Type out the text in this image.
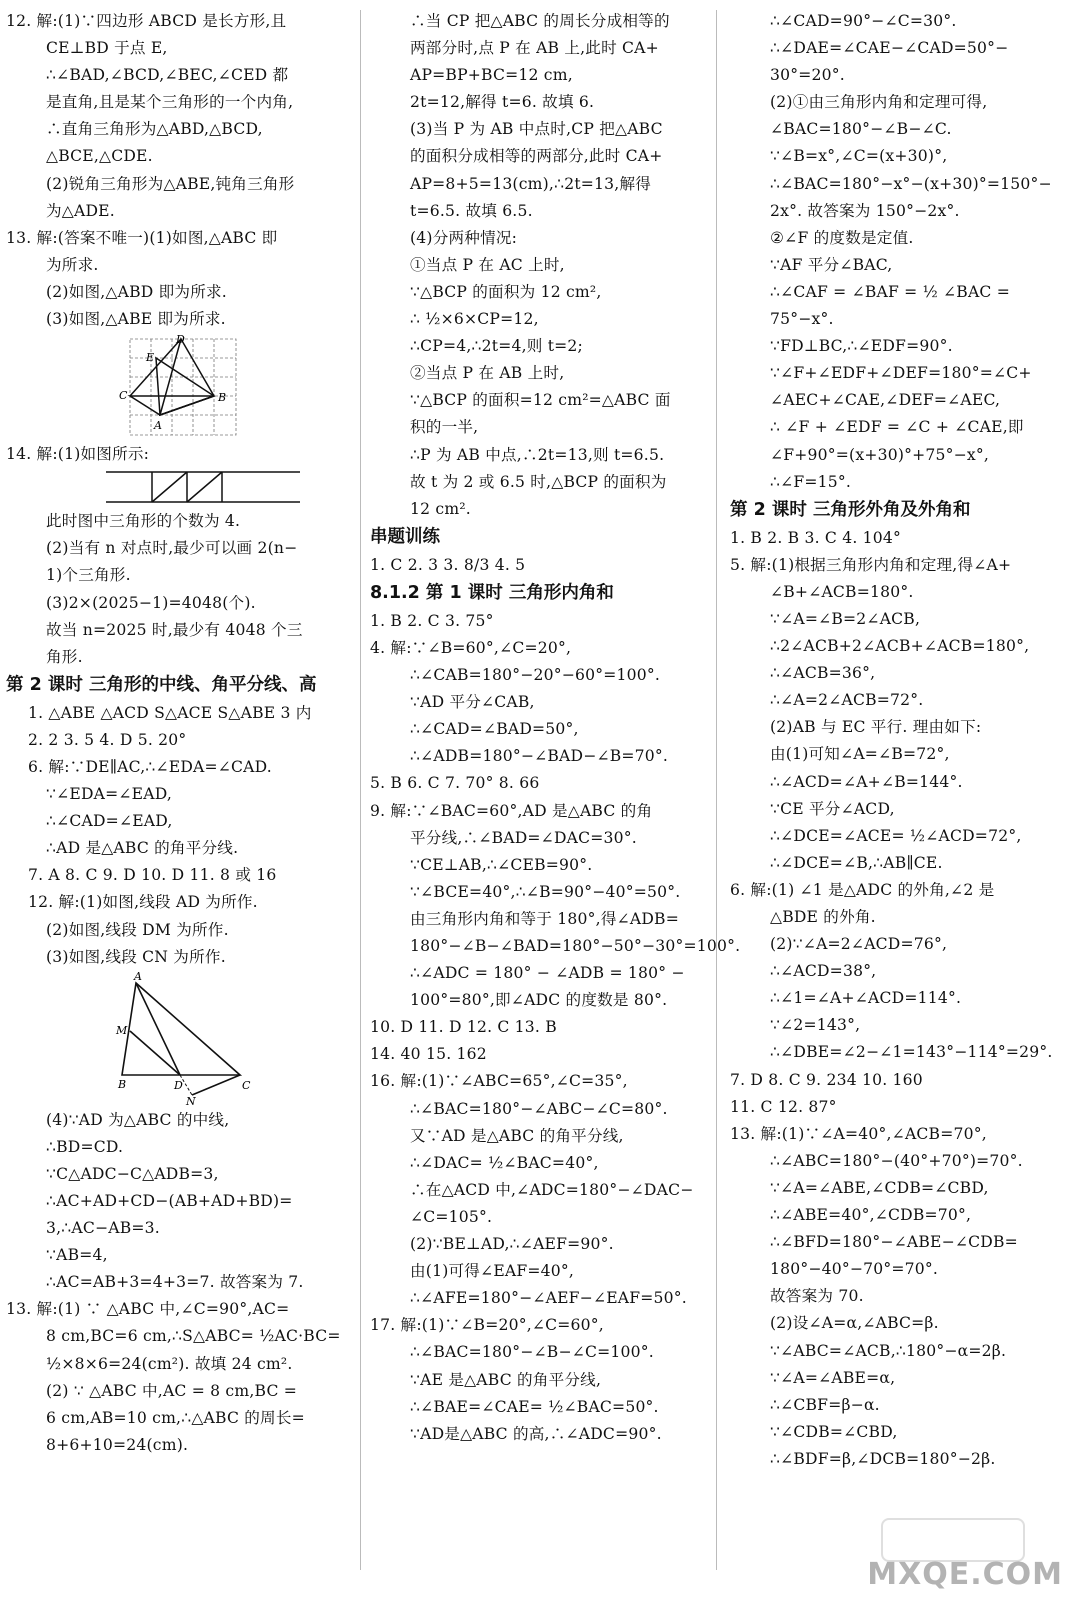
12. 解:(1)∵四边形 ABCD 是长方形,且
CE⊥BD 于点 E,
∴∠BAD,∠BCD,∠BEC,∠CED 都
是直角,且是某个三角形的一个内角,
∴直角三角形为△ABD,△BCD,
△BCE,△CDE.
(2)锐角三角形为△ABE,钝角三角形
为△ADE.
13. 解:(答案不唯一)(1)如图,△ABC 即
为所求.
(2)如图,△ABD 即为所求.
(3)如图,△ABE 即为所求.
D
E
C	B
A
14. 解:(1)如图所示:
此时图中三角形的个数为 4.
(2)当有 n 对点时,最少可以画 2(n−
1)个三角形.
(3)2×(2025−1)=4048(个).
故当 n=2025 时,最少有 4048 个三
角形.
第 2 课时 三角形的中线、角平分线、高
1. △ABE △ACD S△ACE S△ABE 3 内
2. 2 3. 5 4. D 5. 20°
6. 解:∵DE∥AC,∴∠EDA=∠CAD.
∵∠EDA=∠EAD,
∴∠CAD=∠EAD,
∴AD 是△ABC 的角平分线.
7. A 8. C 9. D 10. D 11. 8 或 16
12. 解:(1)如图,线段 AD 为所作.
(2)如图,线段 DM 为所作.
(3)如图,线段 CN 为所作.
A
M
B	D	C
N
(4)∵AD 为△ABC 的中线,
∴BD=CD.
∵C△ADC−C△ADB=3,
∴AC+AD+CD−(AB+AD+BD)=
3,∴AC−AB=3.
∵AB=4,
∴AC=AB+3=4+3=7. 故答案为 7.
13. 解:(1) ∵ △ABC 中,∠C=90°,AC=
8 cm,BC=6 cm,∴S△ABC= ½AC·BC=
½×8×6=24(cm²). 故填 24 cm².
(2) ∵ △ABC 中,AC = 8 cm,BC =
6 cm,AB=10 cm,∴△ABC 的周长=
8+6+10=24(cm).
∴当 CP 把△ABC 的周长分成相等的
两部分时,点 P 在 AB 上,此时 CA+
AP=BP+BC=12 cm,
2t=12,解得 t=6. 故填 6.
(3)当 P 为 AB 中点时,CP 把△ABC
的面积分成相等的两部分,此时 CA+
AP=8+5=13(cm),∴2t=13,解得
t=6.5. 故填 6.5.
(4)分两种情况:
①当点 P 在 AC 上时,
∵△BCP 的面积为 12 cm²,
∴ ½×6×CP=12,
∴CP=4,∴2t=4,则 t=2;
②当点 P 在 AB 上时,
∵△BCP 的面积=12 cm²=△ABC 面
积的一半,
∴P 为 AB 中点,∴2t=13,则 t=6.5.
故 t 为 2 或 6.5 时,△BCP 的面积为
12 cm².
串题训练
1. C 2. 3 3. 8/3 4. 5
8.1.2 第 1 课时 三角形内角和
1. B 2. C 3. 75°
4. 解:∵∠B=60°,∠C=20°,
∴∠CAB=180°−20°−60°=100°.
∵AD 平分∠CAB,
∴∠CAD=∠BAD=50°,
∴∠ADB=180°−∠BAD−∠B=70°.
5. B 6. C 7. 70° 8. 66
9. 解:∵∠BAC=60°,AD 是△ABC 的角
平分线,∴∠BAD=∠DAC=30°.
∵CE⊥AB,∴∠CEB=90°.
∵∠BCE=40°,∴∠B=90°−40°=50°.
由三角形内角和等于 180°,得∠ADB=
180°−∠B−∠BAD=180°−50°−30°=100°.
∴∠ADC = 180° − ∠ADB = 180° −
100°=80°,即∠ADC 的度数是 80°.
10. D 11. D 12. C 13. B
14. 40 15. 162
16. 解:(1)∵∠ABC=65°,∠C=35°,
∴∠BAC=180°−∠ABC−∠C=80°.
又∵AD 是△ABC 的角平分线,
∴∠DAC= ½∠BAC=40°,
∴在△ACD 中,∠ADC=180°−∠DAC−
∠C=105°.
(2)∵BE⊥AD,∴∠AEF=90°.
由(1)可得∠EAF=40°,
∴∠AFE=180°−∠AEF−∠EAF=50°.
17. 解:(1)∵∠B=20°,∠C=60°,
∴∠BAC=180°−∠B−∠C=100°.
∵AE 是△ABC 的角平分线,
∴∠BAE=∠CAE= ½∠BAC=50°.
∵AD是△ABC 的高,∴∠ADC=90°.
∴∠CAD=90°−∠C=30°.
∴∠DAE=∠CAE−∠CAD=50°−
30°=20°.
(2)①由三角形内角和定理可得,
∠BAC=180°−∠B−∠C.
∵∠B=x°,∠C=(x+30)°,
∴∠BAC=180°−x°−(x+30)°=150°−
2x°. 故答案为 150°−2x°.
②∠F 的度数是定值.
∵AF 平分∠BAC,
∴∠CAF = ∠BAF = ½ ∠BAC =
75°−x°.
∵FD⊥BC,∴∠EDF=90°.
∵∠F+∠EDF+∠DEF=180°=∠C+
∠AEC+∠CAE,∠DEF=∠AEC,
∴ ∠F + ∠EDF = ∠C + ∠CAE,即
∠F+90°=(x+30)°+75°−x°,
∴∠F=15°.
第 2 课时 三角形外角及外角和
1. B 2. B 3. C 4. 104°
5. 解:(1)根据三角形内角和定理,得∠A+
∠B+∠ACB=180°.
∵∠A=∠B=2∠ACB,
∴2∠ACB+2∠ACB+∠ACB=180°,
∴∠ACB=36°,
∴∠A=2∠ACB=72°.
(2)AB 与 EC 平行. 理由如下:
由(1)可知∠A=∠B=72°,
∴∠ACD=∠A+∠B=144°.
∵CE 平分∠ACD,
∴∠DCE=∠ACE= ½∠ACD=72°,
∴∠DCE=∠B,∴AB∥CE.
6. 解:(1) ∠1 是△ADC 的外角,∠2 是
△BDE 的外角.
(2)∵∠A=2∠ACD=76°,
∴∠ACD=38°,
∴∠1=∠A+∠ACD=114°.
∵∠2=143°,
∴∠DBE=∠2−∠1=143°−114°=29°.
7. D 8. C 9. 234 10. 160
11. C 12. 87°
13. 解:(1)∵∠A=40°,∠ACB=70°,
∴∠ABC=180°−(40°+70°)=70°.
∵∠A=∠ABE,∠CDB=∠CBD,
∴∠ABE=40°,∠CDB=70°,
∴∠BFD=180°−∠ABE−∠CDB=
180°−40°−70°=70°.
故答案为 70.
(2)设∠A=α,∠ABC=β.
∵∠ABC=∠ACB,∴180°−α=2β.
∵∠A=∠ABE=α,
∴∠CBF=β−α.
∵∠CDB=∠CBD,
∴∠BDF=β,∠DCB=180°−2β.
MXQE.COM
